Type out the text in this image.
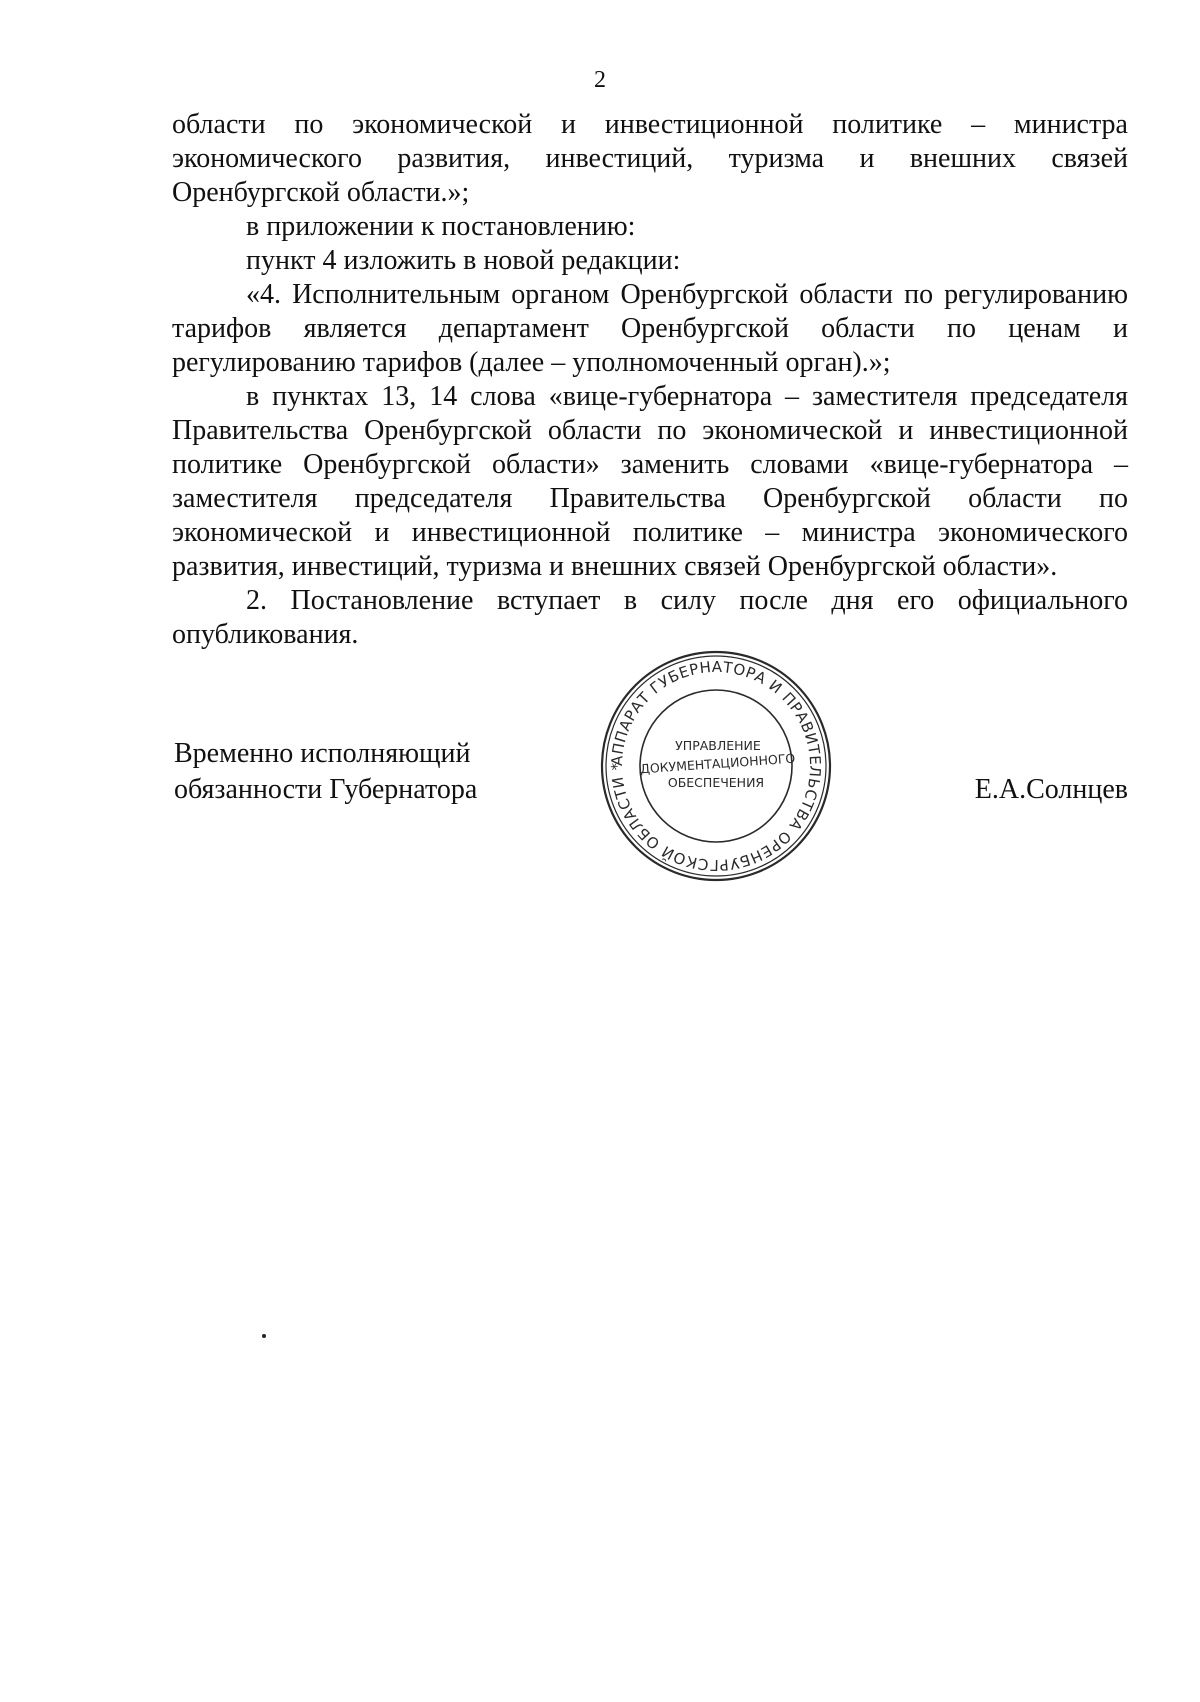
2

области по экономической и инвестиционной политике – министра экономического развития, инвестиций, туризма и внешних связей Оренбургской области.»;

в приложении к постановлению:

пункт 4 изложить в новой редакции:

«4. Исполнительным органом Оренбургской области по регулированию тарифов является департамент Оренбургской области по ценам и регулированию тарифов (далее – уполномоченный орган).»;

в пунктах 13, 14 слова «вице-губернатора – заместителя председателя Правительства Оренбургской области по экономической и инвестиционной политике Оренбургской области» заменить словами «вице-губернатора – заместителя председателя Правительства Оренбургской области по экономической и инвестиционной политике – министра экономического развития, инвестиций, туризма и внешних связей Оренбургской области».

2. Постановление вступает в силу после дня его официального опубликования.

Временно исполняющий
обязанности Губернатора	Е.А.Солнцев
АППАРАТ ГУБЕРНАТОРА И ПРАВИТЕЛЬСТВА ОРЕНБУРГСКОЙ ОБЛАСТИ *
УПРАВЛЕНИЕ
ДОКУМЕНТАЦИОННОГО
ОБЕСПЕЧЕНИЯ
